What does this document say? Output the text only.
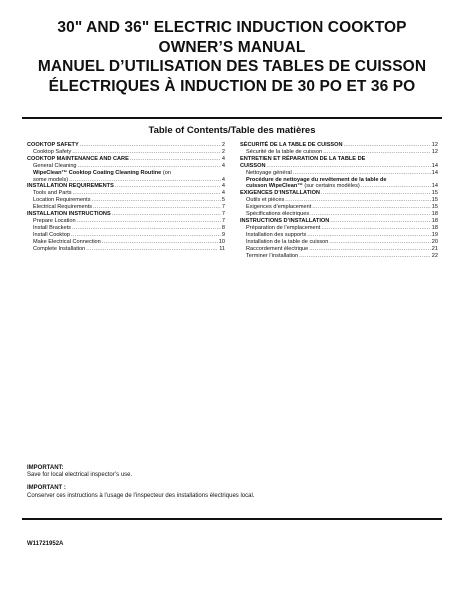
30" AND 36" ELECTRIC INDUCTION COOKTOP
OWNER’S MANUAL
MANUEL D’UTILISATION DES TABLES DE CUISSON
ÉLECTRIQUES À INDUCTION DE 30 PO ET 36 PO
Table of Contents/Table des matières
COOKTOP SAFETY .....	2
Cooktop Safety .....	2
COOKTOP MAINTENANCE AND CARE .....	4
General Cleaning .....	4
WipeClean™ Cooktop Coating Cleaning Routine (on
some models) .....	4
INSTALLATION REQUIREMENTS .....	4
Tools and Parts .....	4
Location Requirements .....	5
Electrical Requirements .....	7
INSTALLATION INSTRUCTIONS .....	7
Prepare Location .....	7
Install Brackets .....	8
Install Cooktop .....	9
Make Electrical Connection .....	10
Complete Installation .....	11
SÉCURITÉ DE LA TABLE DE CUISSON .....	12
Sécurité de la table de cuisson .....	12
ENTRETIEN ET RÉPARATION DE LA TABLE DE
CUISSON .....	14
Nettoyage général .....	14
Procédure de nettoyage du revêtement de la table de
cuisson WipeClean™ (sur certains modèles) .....	14
EXIGENCES D’INSTALLATION .....	15
Outils et pièces .....	15
Exigences d’emplacement .....	15
Spécifications électriques .....	18
INSTRUCTIONS D’INSTALLATION .....	18
Préparation de l’emplacement .....	18
Installation des supports .....	19
Installation de la table de cuisson .....	20
Raccordement électrique .....	21
Terminer l’installation .....	22
IMPORTANT:
Save for local electrical inspector’s use.
IMPORTANT :
Conserver ces instructions à l’usage de l’inspecteur des installations électriques local.
W11721952A
